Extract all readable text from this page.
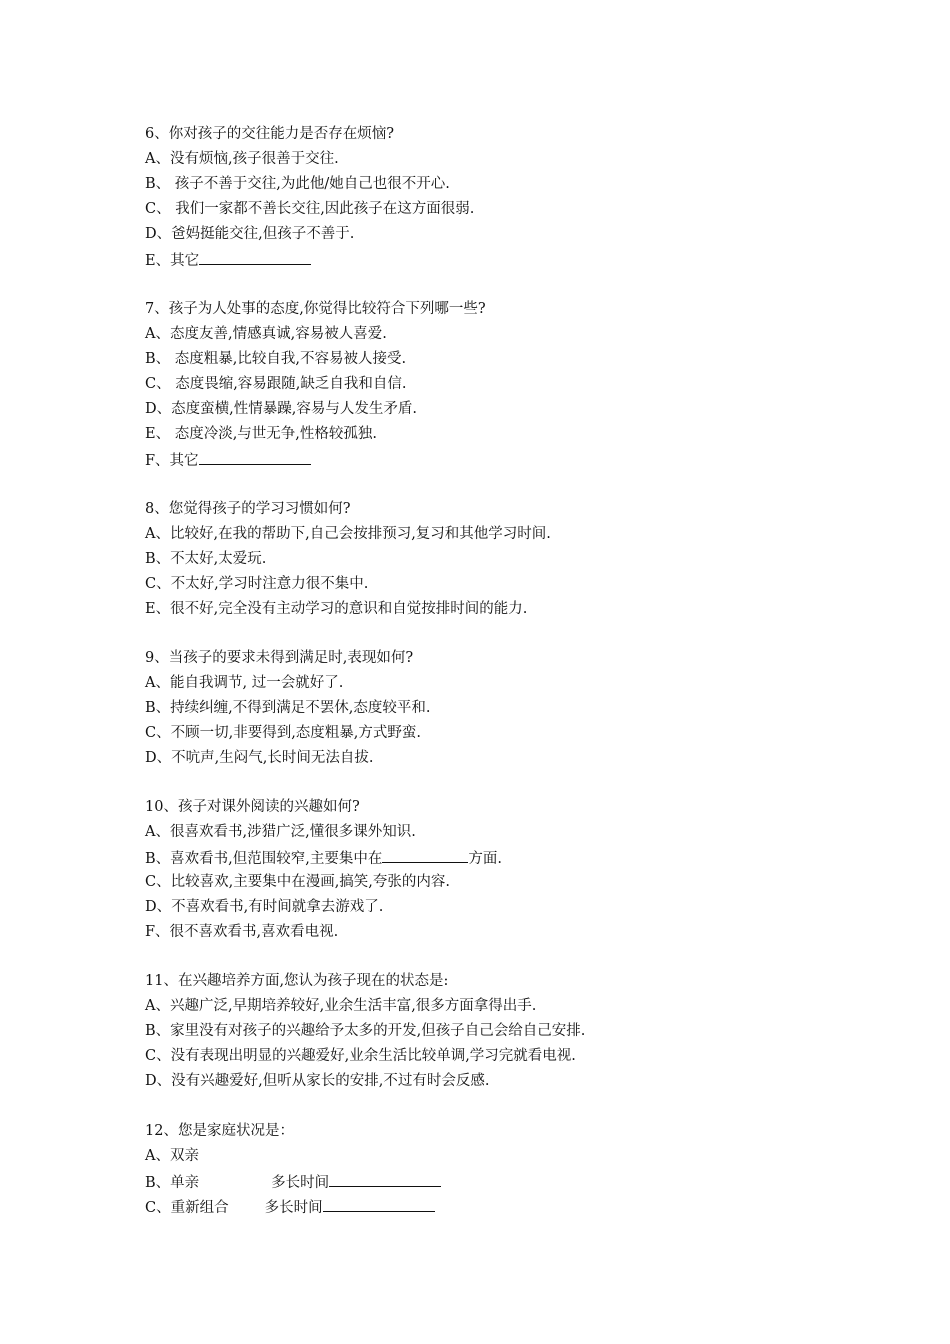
6、你对孩子的交往能力是否存在烦恼?
A、没有烦恼,孩子很善于交往.
B、 孩子不善于交往,为此他/她自己也很不开心.
C、 我们一家都不善长交往,因此孩子在这方面很弱.
D、爸妈挺能交往,但孩子不善于.
E、其它
7、孩子为人处事的态度,你觉得比较符合下列哪一些?
A、态度友善,情感真诚,容易被人喜爱.
B、 态度粗暴,比较自我,不容易被人接受.
C、 态度畏缩,容易跟随,缺乏自我和自信.
D、态度蛮横,性情暴躁,容易与人发生矛盾.
E、 态度冷淡,与世无争,性格较孤独.
F、其它
8、您觉得孩子的学习习惯如何?
A、比较好,在我的帮助下,自己会按排预习,复习和其他学习时间.
B、不太好,太爱玩.
C、不太好,学习时注意力很不集中.
E、很不好,完全没有主动学习的意识和自觉按排时间的能力.
9、当孩子的要求未得到满足时,表现如何?
A、能自我调节, 过一会就好了.
B、持续纠缠,不得到满足不罢休,态度较平和.
C、不顾一切,非要得到,态度粗暴,方式野蛮.
D、不吭声,生闷气,长时间无法自拔.
10、孩子对课外阅读的兴趣如何?
A、很喜欢看书,涉猎广泛,懂很多课外知识.
B、喜欢看书,但范围较窄,主要集中在	方面.
C、比较喜欢,主要集中在漫画,搞笑,夸张的内容.
D、不喜欢看书,有时间就拿去游戏了.
F、很不喜欢看书,喜欢看电视.
11、在兴趣培养方面,您认为孩子现在的状态是:
A、兴趣广泛,早期培养较好,业余生活丰富,很多方面拿得出手.
B、家里没有对孩子的兴趣给予太多的开发,但孩子自己会给自己安排.
C、没有表现出明显的兴趣爱好,业余生活比较单调,学习完就看电视.
D、没有兴趣爱好,但听从家长的安排,不过有时会反感.
12、您是家庭状况是：
A、双亲
B、单亲	多长时间
C、重新组合 多长时间
